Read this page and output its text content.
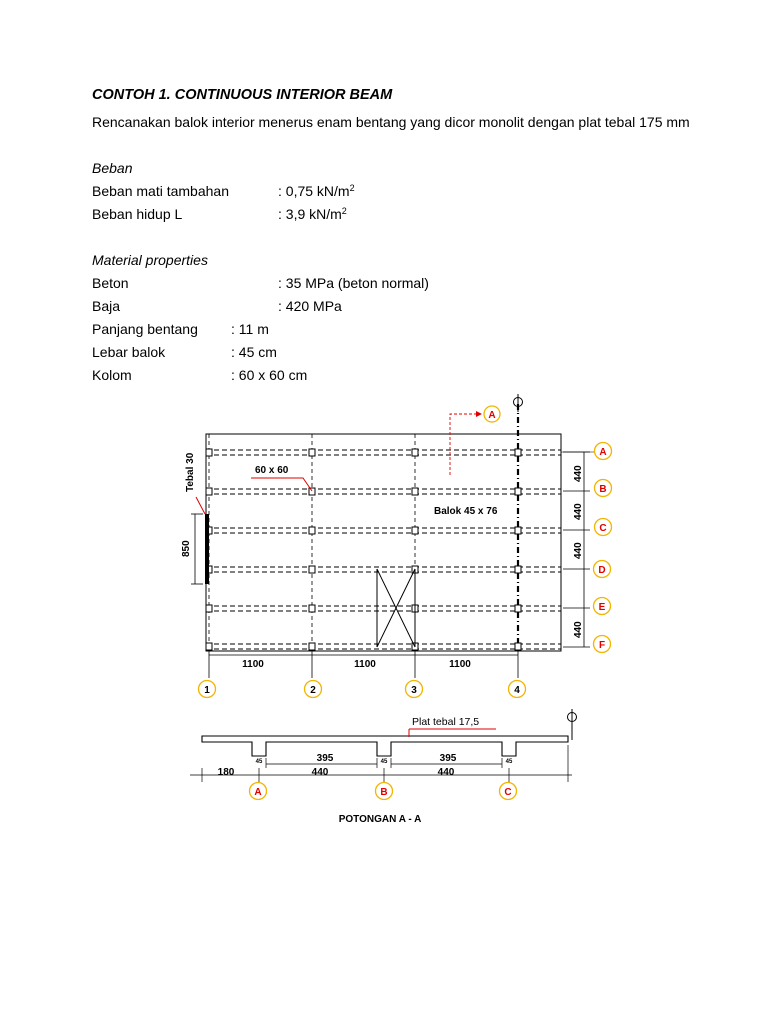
CONTOH 1. CONTINUOUS INTERIOR BEAM
Rencanakan balok interior menerus enam bentang yang dicor monolit dengan plat tebal 175 mm
Beban
Beban mati tambahan	: 0,75 $kN/m^2$
Beban hidup L	: 3,9 $kN/m^2$
Material properties
Beton	: 35 MPa (beton normal)
Baja	: 420 MPa
Panjang bentang : 11 m
Lebar balok	: 45 cm
Kolom	: 60 x 60 cm
Tebal 30
850
60 x 60
Balok 45 x 76
A
440
440
440
440
A
B
C
D
E
F
1100	1100	1100
1	2	3	4
Plat tebal 17,5
395	395
45	45	45
180	440	440
A	B	C
POTONGAN A - A
